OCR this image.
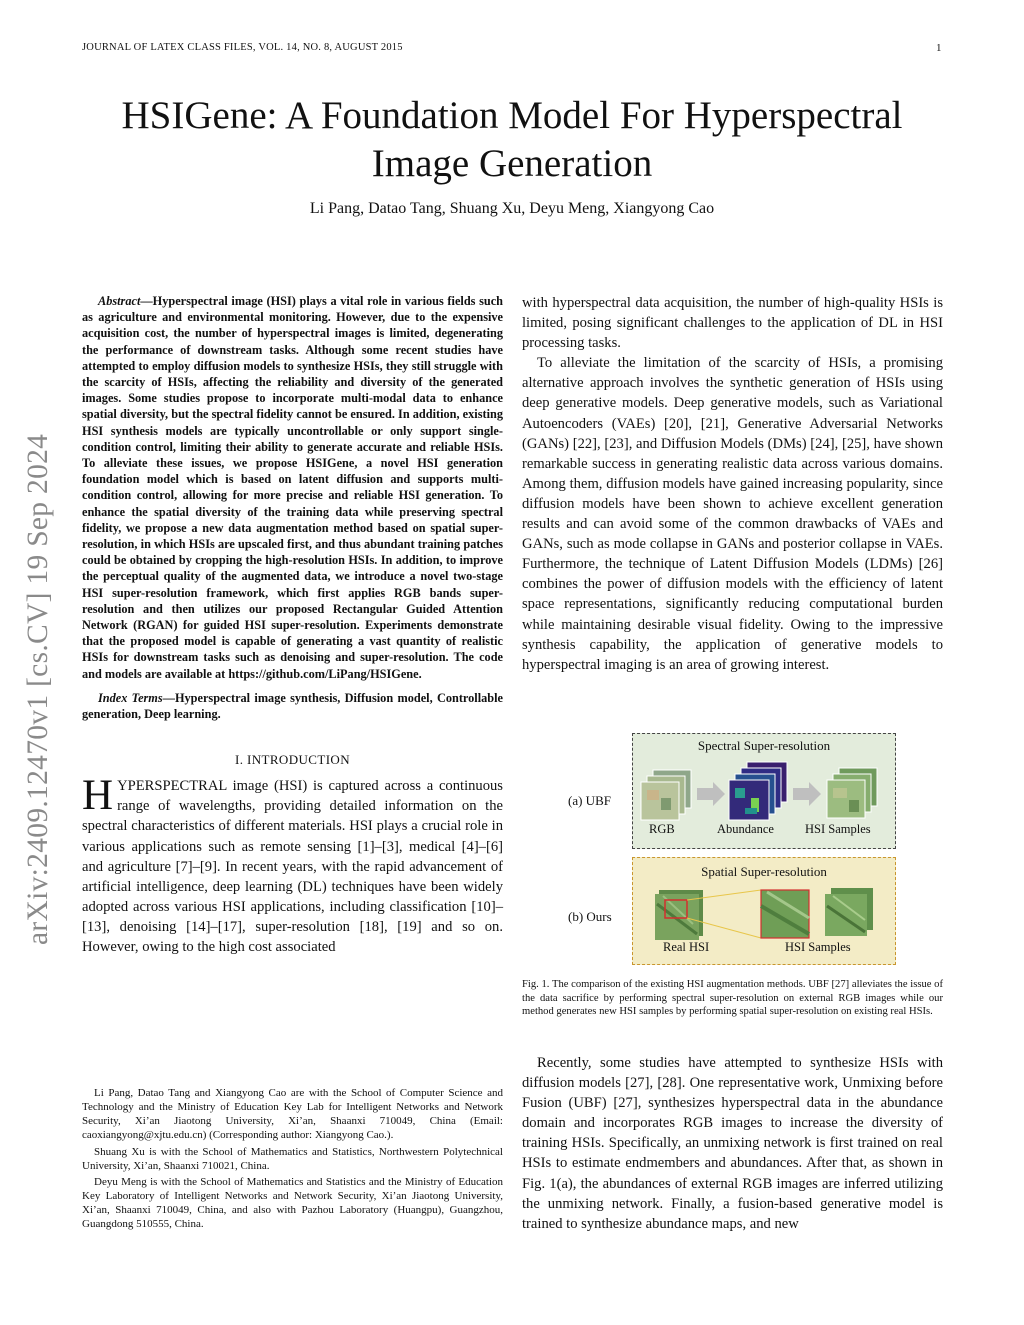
JOURNAL OF LATEX CLASS FILES, VOL. 14, NO. 8, AUGUST 2015	1
arXiv:2409.12470v1 [cs.CV] 19 Sep 2024
HSIGene: A Foundation Model For Hyperspectral
Image Generation
Li Pang, Datao Tang, Shuang Xu, Deyu Meng, Xiangyong Cao

Abstract—Hyperspectral image (HSI) plays a vital role in various fields such as agriculture and environmental monitoring. However, due to the expensive acquisition cost, the number of hyperspectral images is limited, degenerating the performance of downstream tasks. Although some recent studies have attempted to employ diffusion models to synthesize HSIs, they still struggle with the scarcity of HSIs, affecting the reliability and diversity of the generated images. Some studies propose to incorporate multi-modal data to enhance spatial diversity, but the spectral fidelity cannot be ensured. In addition, existing HSI synthesis models are typically uncontrollable or only support single-condition control, limiting their ability to generate accurate and reliable HSIs. To alleviate these issues, we propose HSIGene, a novel HSI generation foundation model which is based on latent diffusion and supports multi-condition control, allowing for more precise and reliable HSI generation. To enhance the spatial diversity of the training data while preserving spectral fidelity, we propose a new data augmentation method based on spatial super-resolution, in which HSIs are upscaled first, and thus abundant training patches could be obtained by cropping the high-resolution HSIs. In addition, to improve the perceptual quality of the augmented data, we introduce a novel two-stage HSI super-resolution framework, which first applies RGB bands super-resolution and then utilizes our proposed Rectangular Guided Attention Network (RGAN) for guided HSI super-resolution. Experiments demonstrate that the proposed model is capable of generating a vast quantity of realistic HSIs for downstream tasks such as denoising and super-resolution. The code and models are available at https://github.com/LiPang/HSIGene.

Index Terms—Hyperspectral image synthesis, Diffusion model, Controllable generation, Deep learning.

I. INTRODUCTION

HYPERSPECTRAL image (HSI) is captured across a continuous range of wavelengths, providing detailed information on the spectral characteristics of different materials. HSI plays a crucial role in various applications such as remote sensing [1]–[3], medical [4]–[6] and agriculture [7]–[9]. In recent years, with the rapid advancement of artificial intelligence, deep learning (DL) techniques have been widely adopted across various HSI applications, including classification [10]–[13], denoising [14]–[17], super-resolution [18], [19] and so on. However, owing to the high cost associated

Li Pang, Datao Tang and Xiangyong Cao are with the School of Computer Science and Technology and the Ministry of Education Key Lab for Intelligent Networks and Network Security, Xi’an Jiaotong University, Xi’an, Shaanxi 710049, China (Email: caoxiangyong@xjtu.edu.cn) (Corresponding author: Xiangyong Cao.).

Shuang Xu is with the School of Mathematics and Statistics, Northwestern Polytechnical University, Xi’an, Shaanxi 710021, China.

Deyu Meng is with the School of Mathematics and Statistics and the Ministry of Education Key Laboratory of Intelligent Networks and Network Security, Xi’an Jiaotong University, Xi’an, Shaanxi 710049, China, and also with Pazhou Laboratory (Huangpu), Guangzhou, Guangdong 510555, China.

with hyperspectral data acquisition, the number of high-quality HSIs is limited, posing significant challenges to the application of DL in HSI processing tasks.

To alleviate the limitation of the scarcity of HSIs, a promising alternative approach involves the synthetic generation of HSIs using deep generative models. Deep generative models, such as Variational Autoencoders (VAEs) [20], [21], Generative Adversarial Networks (GANs) [22], [23], and Diffusion Models (DMs) [24], [25], have shown remarkable success in generating realistic data across various domains. Among them, diffusion models have gained increasing popularity, since diffusion models have been shown to achieve excellent generation results and can avoid some of the common drawbacks of VAEs and GANs, such as mode collapse in GANs and posterior collapse in VAEs. Furthermore, the technique of Latent Diffusion Models (LDMs) [26] combines the power of diffusion models with the efficiency of latent space representations, significantly reducing computational burden while maintaining desirable visual fidelity. Owing to the impressive synthesis capability, the application of generative models to hyperspectral imaging is an area of growing interest.

(a) UBF
(b) Ours
Spectral Super-resolution
RGB	Abundance HSI Samples
Spatial Super-resolution
Real HSI	HSI Samples
Fig. 1. The comparison of the existing HSI augmentation methods. UBF [27] alleviates the issue of the data sacrifice by performing spectral super-resolution on external RGB images while our method generates new HSI samples by performing spatial super-resolution on existing real HSIs.

Recently, some studies have attempted to synthesize HSIs with diffusion models [27], [28]. One representative work, Unmixing before Fusion (UBF) [27], synthesizes hyperspectral data in the abundance domain and incorporates RGB images to increase the diversity of training HSIs. Specifically, an unmixing network is first trained on real HSIs to estimate endmembers and abundances. After that, as shown in Fig. 1(a), the abundances of external RGB images are inferred utilizing the unmixing network. Finally, a fusion-based generative model is trained to synthesize abundance maps, and new
